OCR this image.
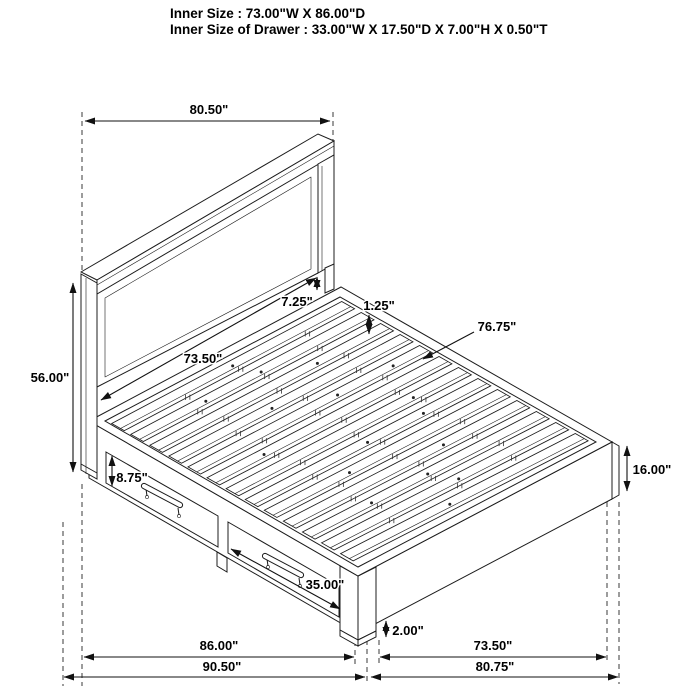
Inner Size : 73.00"W X 86.00"D
Inner Size of Drawer : 33.00"W X 17.50"D X 7.00"H X 0.50"T
80.50"
56.00"
73.50"
7.25"	1.25"
76.75"
8.75"
16.00"
35.00"
2.00"
86.00"	73.50"
90.50"	80.75"
